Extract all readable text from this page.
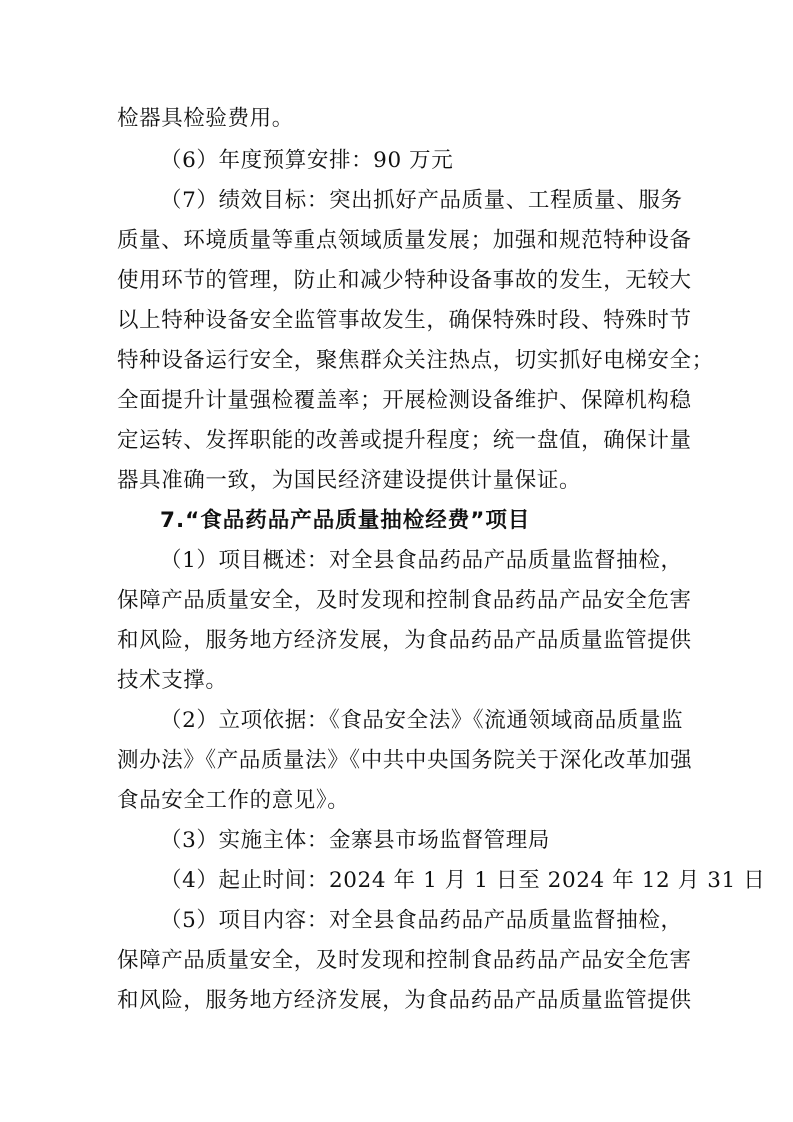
检器具检验费用。
（6）年度预算安排：90 万元
（7）绩效目标：突出抓好产品质量、工程质量、服务
质量、环境质量等重点领域质量发展；加强和规范特种设备
使用环节的管理，防止和减少特种设备事故的发生，无较大
以上特种设备安全监管事故发生，确保特殊时段、特殊时节
特种设备运行安全，聚焦群众关注热点，切实抓好电梯安全；
全面提升计量强检覆盖率；开展检测设备维护、保障机构稳
定运转、发挥职能的改善或提升程度；统一盘值，确保计量
器具准确一致，为国民经济建设提供计量保证。
7.“食品药品产品质量抽检经费”项目
（1）项目概述：对全县食品药品产品质量监督抽检，
保障产品质量安全，及时发现和控制食品药品产品安全危害
和风险，服务地方经济发展，为食品药品产品质量监管提供
技术支撑。
（2）立项依据：《食品安全法》《流通领域商品质量监
测办法》《产品质量法》《中共中央国务院关于深化改革加强
食品安全工作的意见》。
（3）实施主体：金寨县市场监督管理局
（4）起止时间：2024 年 1 月 1 日至 2024 年 12 月 31 日
（5）项目内容：对全县食品药品产品质量监督抽检，
保障产品质量安全，及时发现和控制食品药品产品安全危害
和风险，服务地方经济发展，为食品药品产品质量监管提供
